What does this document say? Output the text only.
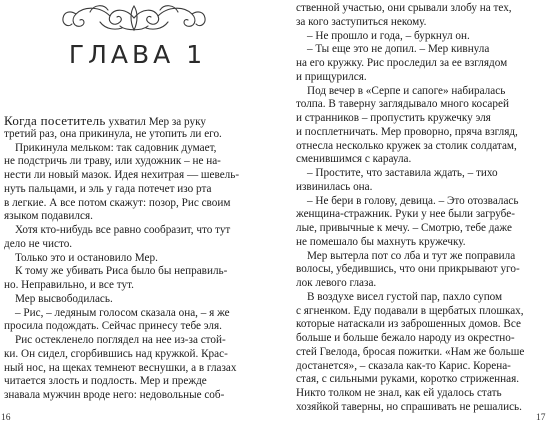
ГЛАВА 1
Когда посетитель ухватил Мер за руку
третий раз, она прикинула, не утопить ли его.
Прикинула мельком: так садовник думает,
не подстричь ли траву, или художник – не на-
нести ли новый мазок. Идея нехитрая — шевель-
нуть пальцами, и эль у гада потечет изо рта
в легкие. А все потом скажут: позор, Рис своим
языком подавился.
Хотя кто-нибудь все равно сообразит, что тут
дело не чисто.
Только это и остановило Мер.
К тому же убивать Риса было бы неправиль-
но. Неправильно, и все тут.
Мер высвободилась.
– Рис, – ледяным голосом сказала она, – я же
просила подождать. Сейчас принесу тебе эля.
Рис остекленело поглядел на нее из-за стой-
ки. Он сидел, сгорбившись над кружкой. Крас-
ный нос, на щеках темнеют веснушки, а в глазах
читается злость и подлость. Мер и прежде
знавала мужчин вроде него: недовольные соб-
16	17
ственной участью, они срывали злобу на тех,
за кого заступиться некому.
– Не прошло и года, – буркнул он.
– Ты еще это не допил. – Мер кивнула
на его кружку. Рис проследил за ее взглядом
и прищурился.
Под вечер в «Серпе и сапоге» набиралась
толпа. В таверну заглядывало много косарей
и странников – пропустить кружечку эля
и посплетничать. Мер проворно, пряча взгляд,
отнесла несколько кружек за столик солдатам,
сменившимся с караула.
– Простите, что заставила ждать, – тихо
извинилась она.
– Не бери в голову, девица. – Это отозвалась
женщина-стражник. Руки у нее были загрубе-
лые, привычные к мечу. – Смотрю, тебе даже
не помешало бы махнуть кружечку.
Мер вытерла пот со лба и тут же поправила
волосы, убедившись, что они прикрывают уго-
лок левого глаза.
В воздухе висел густой пар, пахло супом
с ягненком. Еду подавали в щербатых плошках,
которые натаскали из заброшенных домов. Все
больше и больше бежало народу из окрестно-
стей Гвелода, бросая пожитки. «Нам же больше
достанется», – сказала как-то Карис. Корена-
стая, с сильными руками, коротко стриженная.
Никто толком не знал, как ей удалось стать
хозяйкой таверны, но спрашивать не решались.
